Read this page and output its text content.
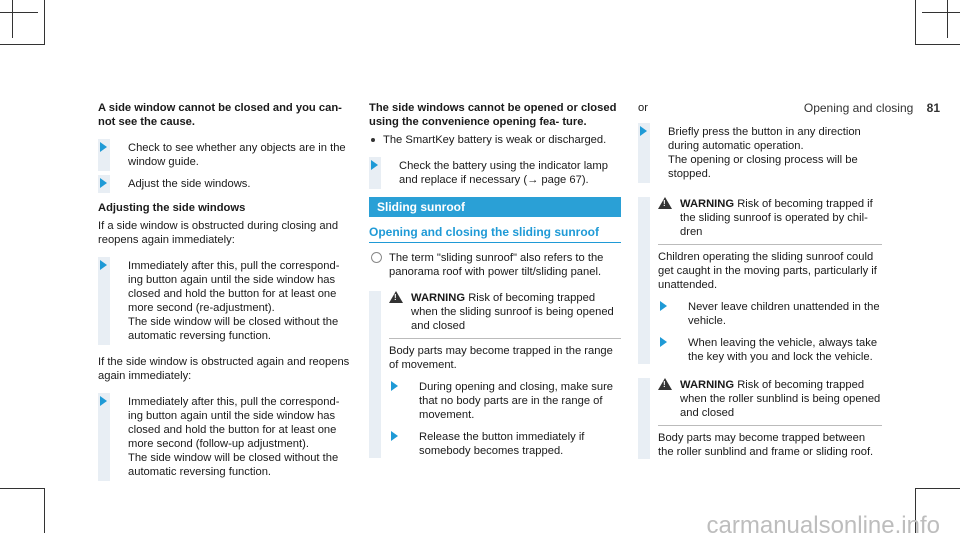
Opening and closing 81
A side window cannot be closed and you can- not see the cause.
Check to see whether any objects are in the window guide.
Adjust the side windows.
Adjusting the side windows
If a side window is obstructed during closing and reopens again immediately:
Immediately after this, pull the correspond- ing button again until the side window has closed and hold the button for at least one more second (re-adjustment).
The side window will be closed without the automatic reversing function.
If the side window is obstructed again and reopens again immediately:
Immediately after this, pull the correspond- ing button again until the side window has closed and hold the button for at least one more second (follow-up adjustment).
The side window will be closed without the automatic reversing function.
The side windows cannot be opened or closed using the convenience opening fea- ture.
The SmartKey battery is weak or discharged.
Check the battery using the indicator lamp and replace if necessary (→ page 67).
Sliding sunroof
Opening and closing the sliding sunroof
The term "sliding sunroof" also refers to the panorama roof with power tilt/sliding panel.
!
WARNING Risk of becoming trapped when the sliding sunroof is being opened and closed
Body parts may become trapped in the range of movement.
During opening and closing, make sure that no body parts are in the range of movement.
Release the button immediately if somebody becomes trapped.
or
Briefly press the button in any direction during automatic operation.
The opening or closing process will be stopped.
!
WARNING Risk of becoming trapped if the sliding sunroof is operated by chil- dren
Children operating the sliding sunroof could get caught in the moving parts, particularly if unattended.
Never leave children unattended in the vehicle.
When leaving the vehicle, always take the key with you and lock the vehicle.
!
WARNING Risk of becoming trapped when the roller sunblind is being opened and closed
Body parts may become trapped between the roller sunblind and frame or sliding roof.
carmanualsonline.info
